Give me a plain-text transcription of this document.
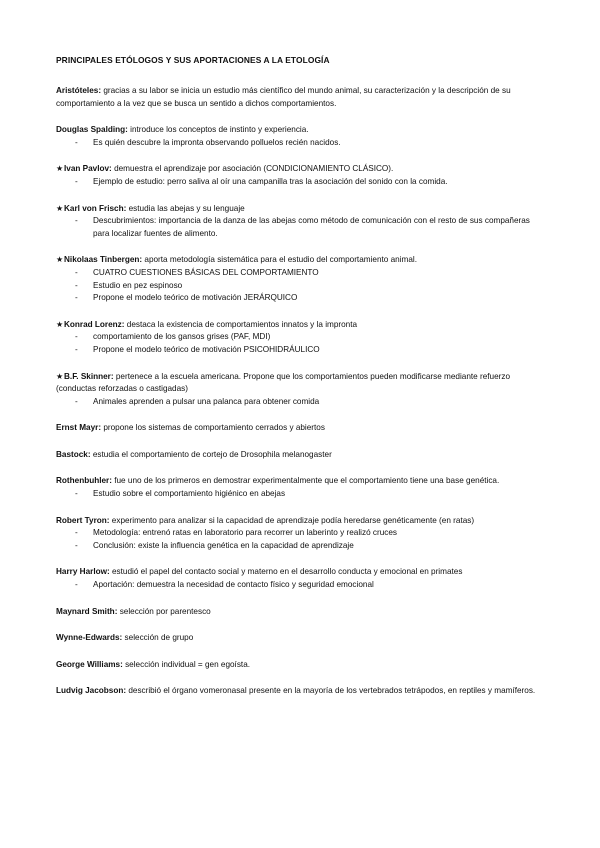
PRINCIPALES ETÓLOGOS Y SUS APORTACIONES A LA ETOLOGÍA

Aristóteles: gracias a su labor se inicia un estudio más científico del mundo animal, su caracterización y la descripción de su comportamiento a la vez que se busca un sentido a dichos comportamientos.

Douglas Spalding: introduce los conceptos de instinto y experiencia.

- Es quién descubre la impronta observando polluelos recién nacidos.

★Ivan Pavlov: demuestra el aprendizaje por asociación (CONDICIONAMIENTO CLÁSICO).

- Ejemplo de estudio: perro saliva al oír una campanilla tras la asociación del sonido con la comida.

★Karl von Frisch: estudia las abejas y su lenguaje

- Descubrimientos: importancia de la danza de las abejas como método de comunicación con el resto de sus compañeras para localizar fuentes de alimento.

★Nikolaas Tinbergen: aporta metodología sistemática para el estudio del comportamiento animal.

- CUATRO CUESTIONES BÁSICAS DEL COMPORTAMIENTO
- Estudio en pez espinoso
- Propone el modelo teórico de motivación JERÁRQUICO

★Konrad Lorenz: destaca la existencia de comportamientos innatos y la impronta

- comportamiento de los gansos grises (PAF, MDI)
- Propone el modelo teórico de motivación PSICOHIDRÁULICO

★B.F. Skinner: pertenece a la escuela americana. Propone que los comportamientos pueden modificarse mediante refuerzo (conductas reforzadas o castigadas)

- Animales aprenden a pulsar una palanca para obtener comida

Ernst Mayr: propone los sistemas de comportamiento cerrados y abiertos

Bastock: estudia el comportamiento de cortejo de Drosophila melanogaster

Rothenbuhler: fue uno de los primeros en demostrar experimentalmente que el comportamiento tiene una base genética.

- Estudio sobre el comportamiento higiénico en abejas

Robert Tyron: experimento para analizar si la capacidad de aprendizaje podía heredarse genéticamente (en ratas)

- Metodología: entrenó ratas en laboratorio para recorrer un laberinto y realizó cruces
- Conclusión: existe la influencia genética en la capacidad de aprendizaje

Harry Harlow: estudió el papel del contacto social y materno en el desarrollo conducta y emocional en primates

- Aportación: demuestra la necesidad de contacto físico y seguridad emocional

Maynard Smith: selección por parentesco

Wynne-Edwards: selección de grupo

George Williams: selección individual = gen egoísta.

Ludvig Jacobson: describió el órgano vomeronasal presente en la mayoría de los vertebrados tetrápodos, en reptiles y mamíferos.
